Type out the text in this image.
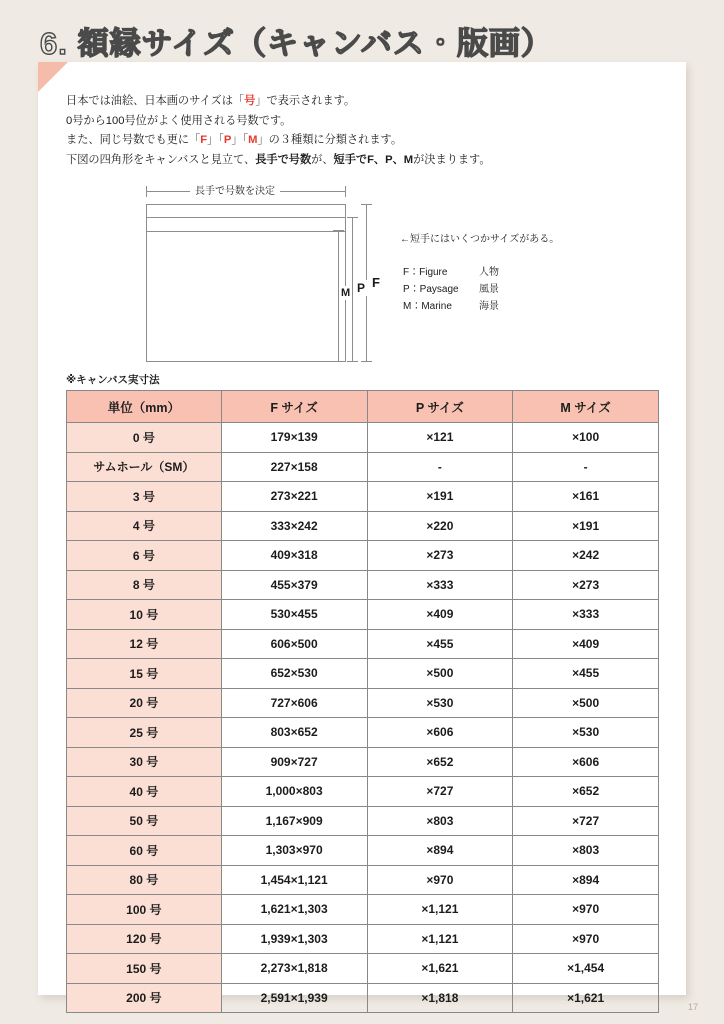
6. 額縁サイズ（キャンバス・版画）
日本では油絵、日本画のサイズは「号」で表示されます。
0号から100号位がよく使用される号数です。
また、同じ号数でも更に「F」「P」「M」の３種類に分類されます。
下図の四角形をキャンバスと見立て、長手で号数が、短手でF、P、Mが決まります。
長手で号数を決定
F
P
M
←短手にはいくつかサイズがある。
F：Figure	人物
P：Paysage	風景
M：Marine	海景
※キャンバス実寸法
単位（mm）	F サイズ	P サイズ	M サイズ
0 号	179×139	×121	×100
サムホール（SM）	227×158	-	-
3 号	273×221	×191	×161
4 号	333×242	×220	×191
6 号	409×318	×273	×242
8 号	455×379	×333	×273
10 号	530×455	×409	×333
12 号	606×500	×455	×409
15 号	652×530	×500	×455
20 号	727×606	×530	×500
25 号	803×652	×606	×530
30 号	909×727	×652	×606
40 号	1,000×803	×727	×652
50 号	1,167×909	×803	×727
60 号	1,303×970	×894	×803
80 号	1,454×1,121	×970	×894
100 号	1,621×1,303	×1,121	×970
120 号	1,939×1,303	×1,121	×970
150 号	2,273×1,818	×1,621	×1,454
200 号	2,591×1,939	×1,818	×1,621
17
